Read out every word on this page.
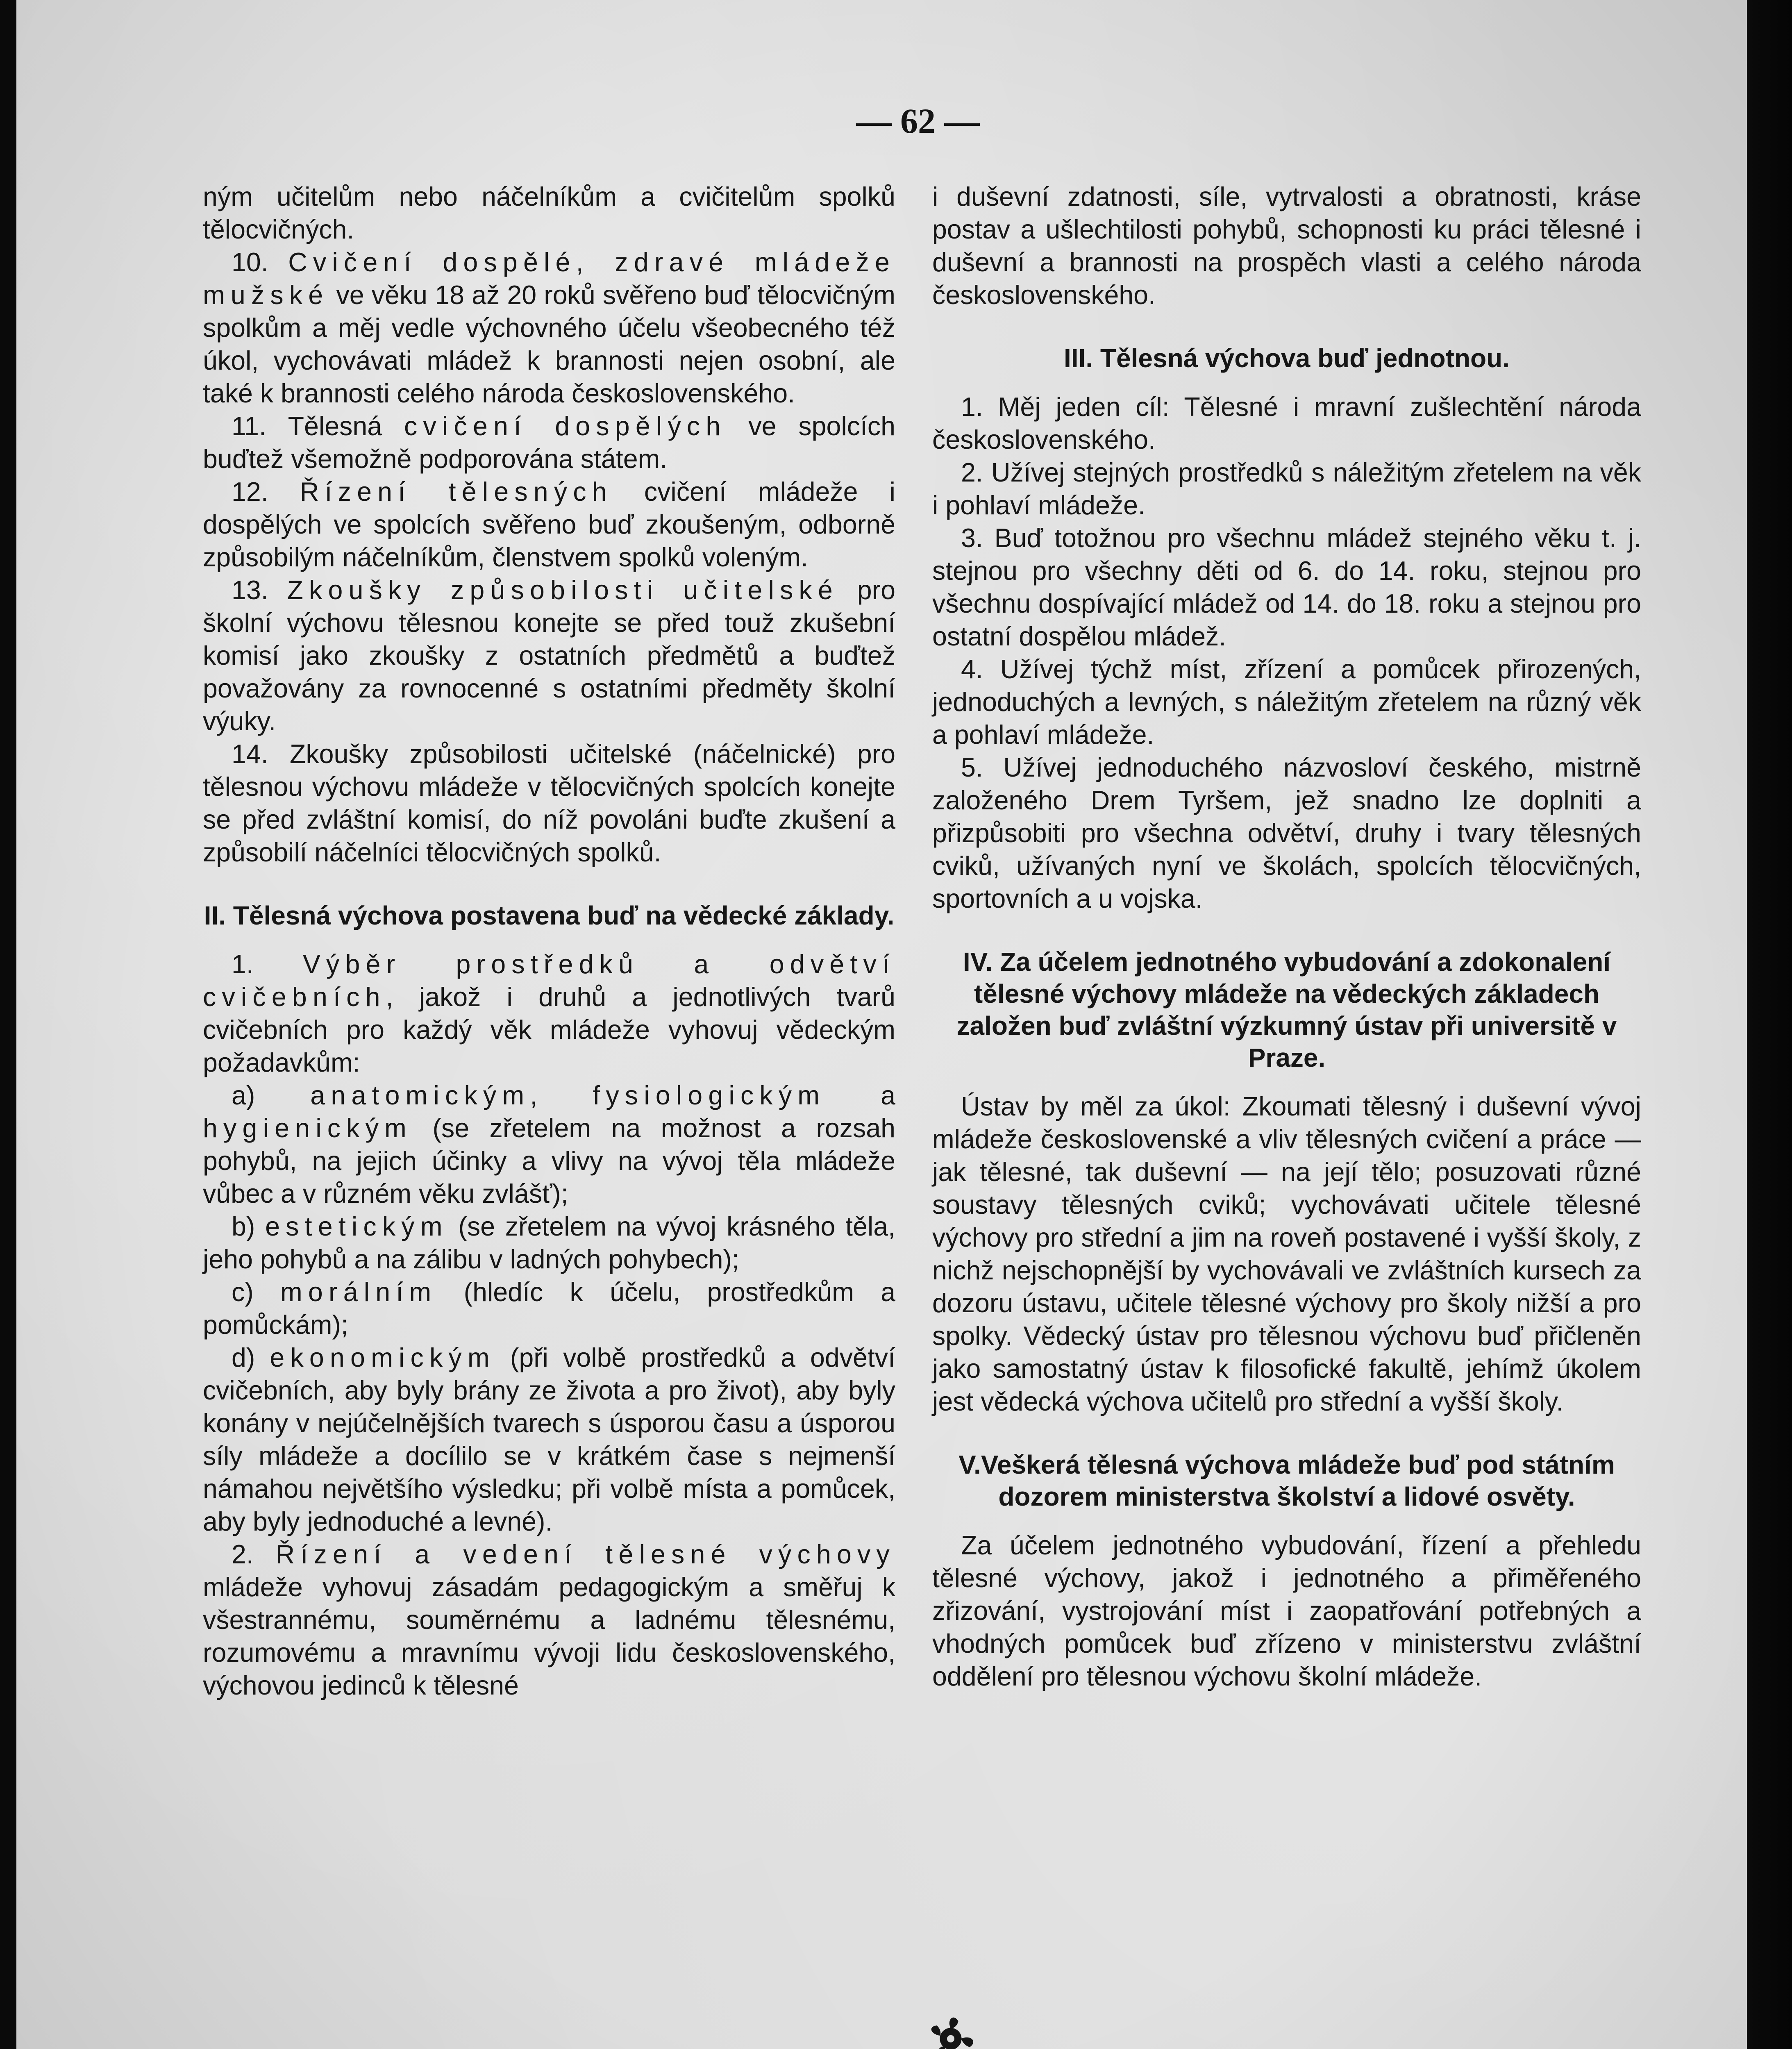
— 62 —

ným učitelům nebo náčelníkům a cvičitelům spolků tělocvičných.

10. Cvičení dospělé, zdravé mládeže mužské ve věku 18 až 20 roků svěřeno buď tělocvičným spolkům a měj vedle výchovného účelu všeobecného též úkol, vychovávati mládež k brannosti nejen osobní, ale také k brannosti celého národa československého.

11. Tělesná cvičení dospělých ve spolcích buďtež všemožně podporována státem.

12. Řízení tělesných cvičení mládeže i dospělých ve spolcích svěřeno buď zkoušeným, odborně způsobilým náčelníkům, členstvem spolků voleným.

13. Zkoušky způsobilosti učitelské pro školní výchovu tělesnou konejte se před touž zkušební komisí jako zkoušky z ostatních předmětů a buďtež považovány za rovnocenné s ostatními předměty školní výuky.

14. Zkoušky způsobilosti učitelské (náčelnické) pro tělesnou výchovu mládeže v tělocvičných spolcích konejte se před zvláštní komisí, do níž povoláni buďte zkušení a způsobilí náčelníci tělocvičných spolků.

II. Tělesná výchova postavena buď na vědecké základy.

1. Výběr prostředků a odvětví cvičebních, jakož i druhů a jednotlivých tvarů cvičebních pro každý věk mládeže vyhovuj vědeckým požadavkům:

a) anatomickým, fysiologickým a hygienickým (se zřetelem na možnost a rozsah pohybů, na jejich účinky a vlivy na vývoj těla mládeže vůbec a v různém věku zvlášť);

b) estetickým (se zřetelem na vývoj krásného těla, jeho pohybů a na zálibu v ladných pohybech);

c) morálním (hledíc k účelu, prostředkům a pomůckám);

d) ekonomickým (při volbě prostředků a odvětví cvičebních, aby byly brány ze života a pro život), aby byly konány v nejúčelnějších tvarech s úsporou času a úsporou síly mládeže a docílilo se v krátkém čase s nejmenší námahou největšího výsledku; při volbě místa a pomůcek, aby byly jednoduché a levné).

2. Řízení a vedení tělesné výchovy mládeže vyhovuj zásadám pedagogickým a směřuj k všestrannému, souměrnému a ladnému tělesnému, rozumovému a mravnímu vývoji lidu československého, výchovou jedinců k tělesné

i duševní zdatnosti, síle, vytrvalosti a obratnosti, kráse postav a ušlechtilosti pohybů, schopnosti ku práci tělesné i duševní a brannosti na prospěch vlasti a celého národa československého.

III. Tělesná výchova buď jednotnou.

1. Měj jeden cíl: Tělesné i mravní zušlechtění národa československého.

2. Užívej stejných prostředků s náležitým zřetelem na věk i pohlaví mládeže.

3. Buď totožnou pro všechnu mládež stejného věku t. j. stejnou pro všechny děti od 6. do 14. roku, stejnou pro všechnu dospívající mládež od 14. do 18. roku a stejnou pro ostatní dospělou mládež.

4. Užívej týchž míst, zřízení a pomůcek přirozených, jednoduchých a levných, s náležitým zřetelem na různý věk a pohlaví mládeže.

5. Užívej jednoduchého názvosloví českého, mistrně založeného Drem Tyršem, jež snadno lze doplniti a přizpůsobiti pro všechna odvětví, druhy i tvary tělesných cviků, užívaných nyní ve školách, spolcích tělocvičných, sportovních a u vojska.

IV. Za účelem jednotného vybudování a zdokonalení tělesné výchovy mládeže na vědeckých základech založen buď zvláštní výzkumný ústav při universitě v Praze.

Ústav by měl za úkol: Zkoumati tělesný i duševní vývoj mládeže československé a vliv tělesných cvičení a práce — jak tělesné, tak duševní — na její tělo; posuzovati různé soustavy tělesných cviků; vychovávati učitele tělesné výchovy pro střední a jim na roveň postavené i vyšší školy, z nichž nejschopnější by vychovávali ve zvláštních kursech za dozoru ústavu, učitele tělesné výchovy pro školy nižší a pro spolky. Vědecký ústav pro tělesnou výchovu buď přičleněn jako samostatný ústav k filosofické fakultě, jehímž úkolem jest vědecká výchova učitelů pro střední a vyšší školy.

V.Veškerá tělesná výchova mládeže buď pod státním dozorem ministerstva školství a lidové osvěty.

Za účelem jednotného vybudování, řízení a přehledu tělesné výchovy, jakož i jednotného a přiměřeného zřizování, vystrojování míst i zaopatřování potřebných a vhodných pomůcek buď zřízeno v ministerstvu zvláštní oddělení pro tělesnou výchovu školní mládeže.
